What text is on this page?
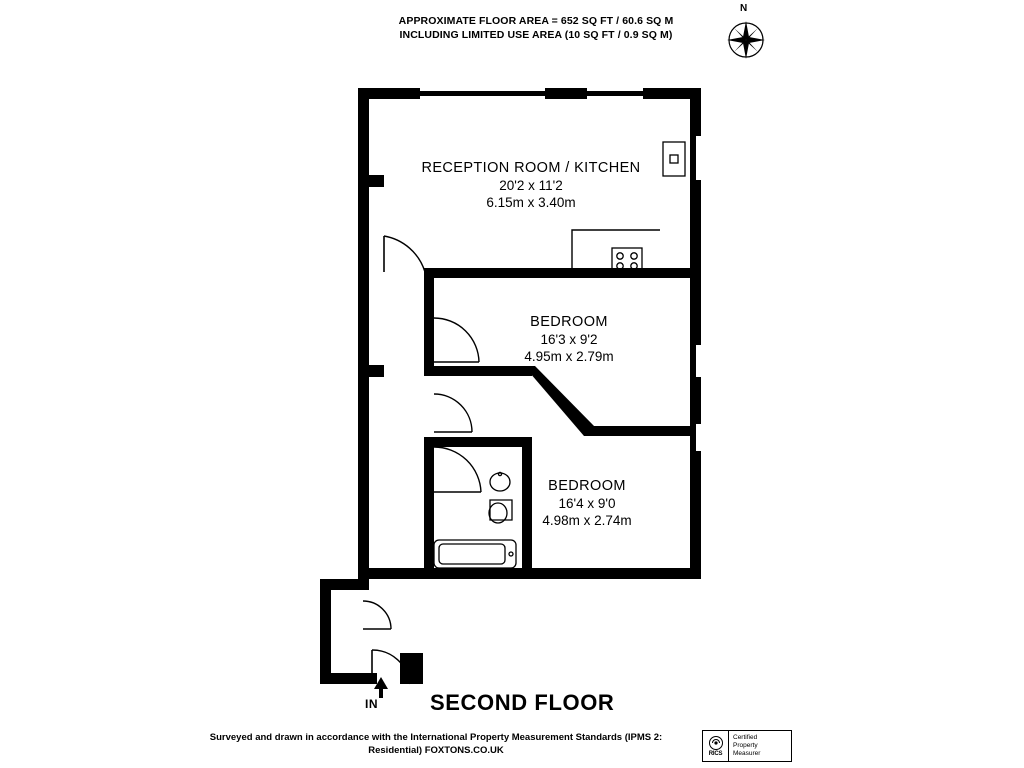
APPROXIMATE FLOOR AREA = 652 SQ FT / 60.6 SQ M
INCLUDING LIMITED USE AREA (10 SQ FT / 0.9 SQ M)
N
RECEPTION ROOM / KITCHEN
20'2 x 11'2
6.15m x 3.40m
BEDROOM
16'3 x 9'2
4.95m x 2.79m
BEDROOM
16'4 x 9'0
4.98m x 2.74m
IN SECOND FLOOR
Surveyed and drawn in accordance with the International Property Measurement Standards (IPMS 2:
Residential) FOXTONS.CO.UK	RICS
Certified
Property
Measurer
